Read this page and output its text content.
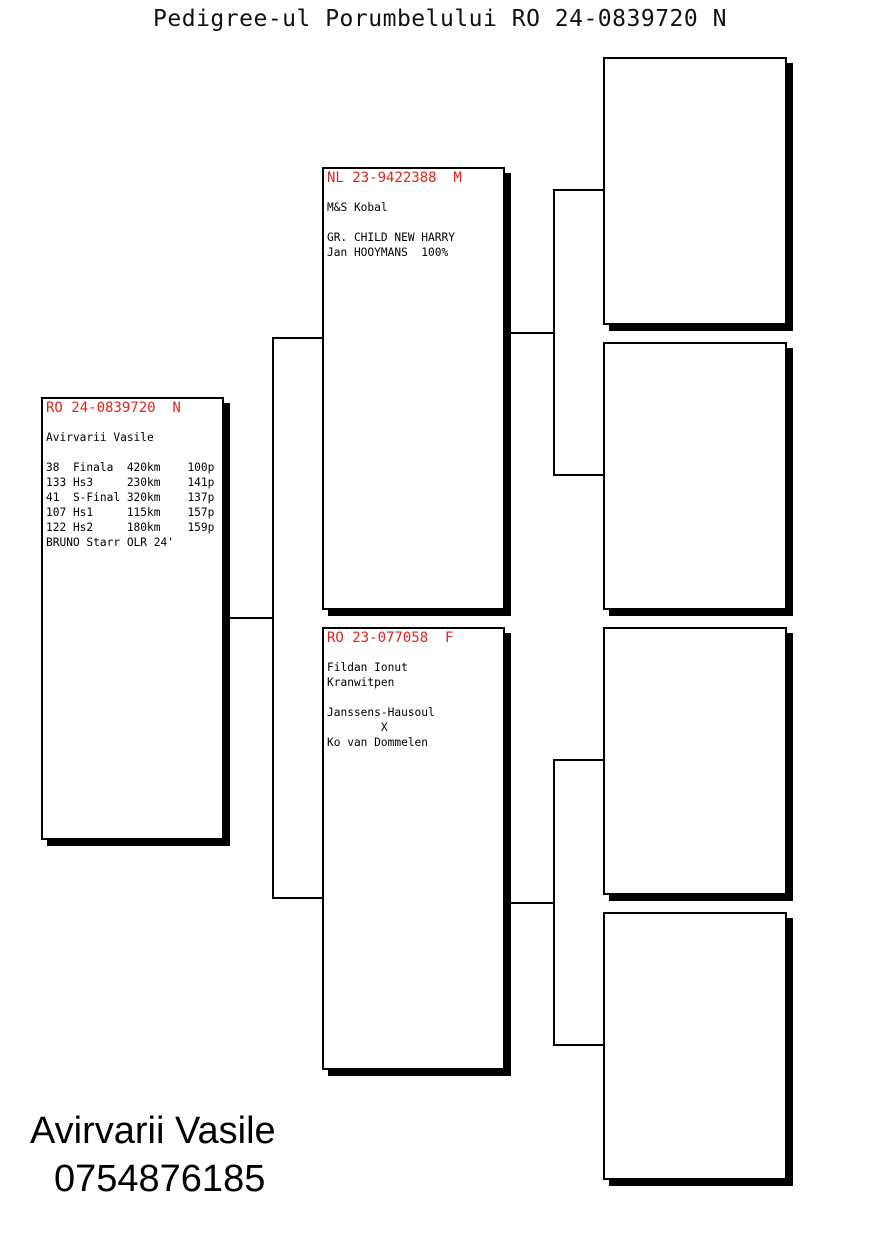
Pedigree-ul Porumbelului RO 24-0839720 N
RO 24-0839720  N
Avirvarii Vasile
38  Finala  420km    100p
133 Hs3     230km    141p
41  S-Final 320km    137p
107 Hs1     115km    157p
122 Hs2     180km    159p
BRUNO Starr OLR 24'
NL 23-9422388  M
M&S Kobal
GR. CHILD NEW HARRY
Jan HOOYMANS  100%
RO 23-077058  F
Fildan Ionut
Kranwitpen
Janssens-Hausoul
X
Ko van Dommelen
Avirvarii Vasile
0754876185
